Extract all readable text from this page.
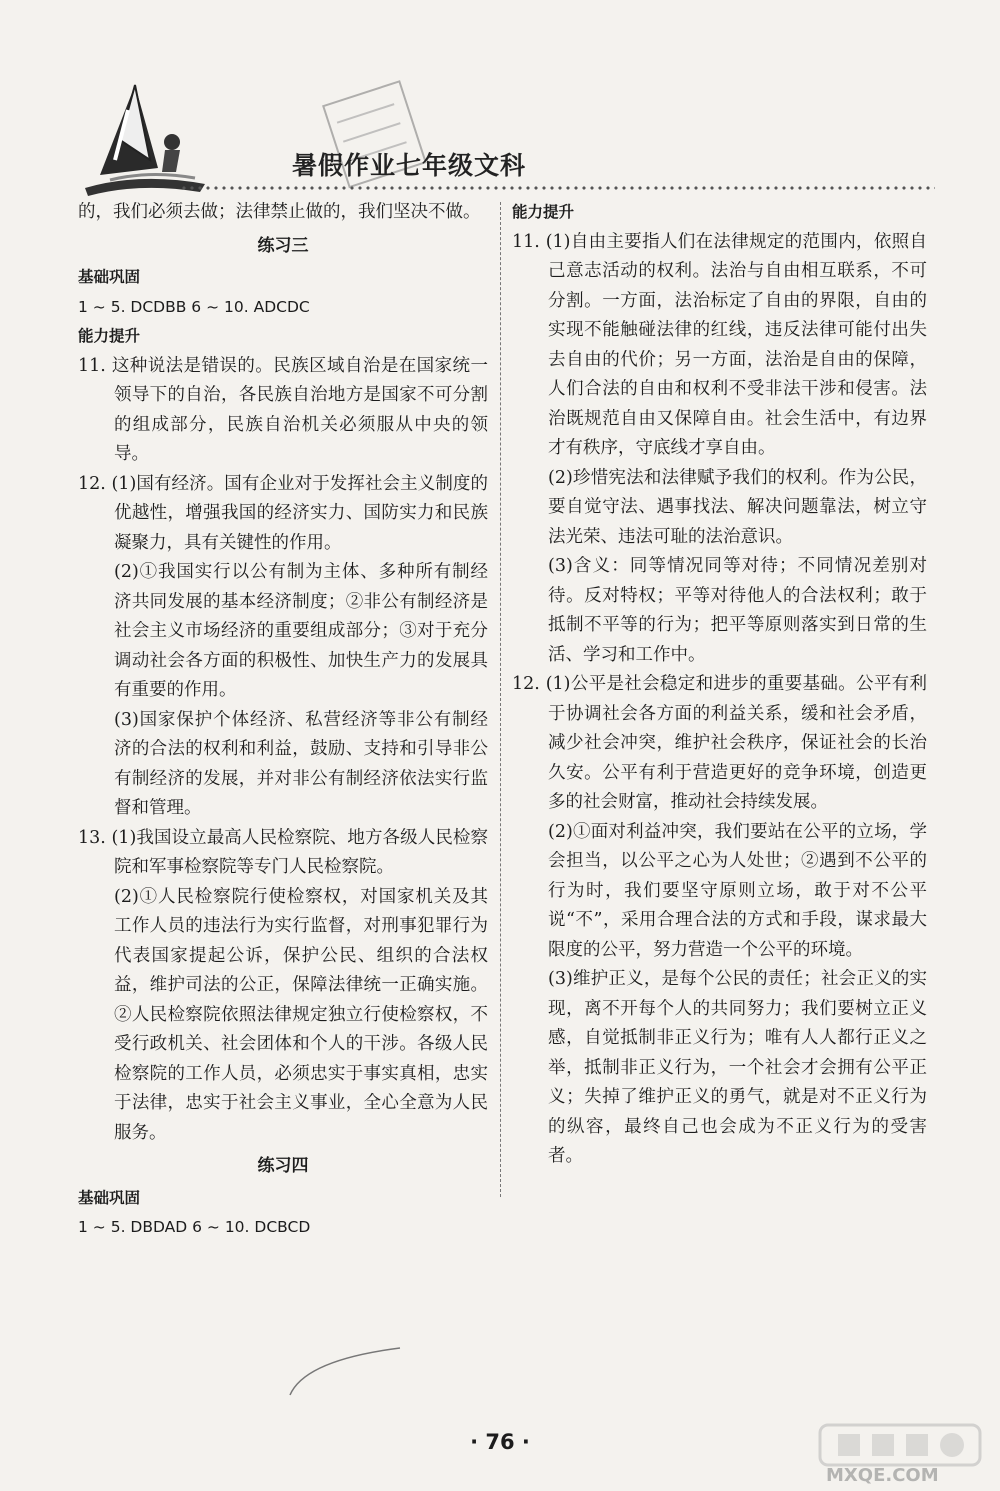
暑假作业七年级文科

的，我们必须去做；法律禁止做的，我们坚决不做。

练习三

基础巩固

1 ~ 5. DCDBB 6 ~ 10. ADCDC

能力提升

11. 这种说法是错误的。民族区域自治是在国家统一领导下的自治，各民族自治地方是国家不可分割的组成部分，民族自治机关必须服从中央的领导。

12. (1)国有经济。国有企业对于发挥社会主义制度的优越性，增强我国的经济实力、国防实力和民族凝聚力，具有关键性的作用。

(2)①我国实行以公有制为主体、多种所有制经济共同发展的基本经济制度；②非公有制经济是社会主义市场经济的重要组成部分；③对于充分调动社会各方面的积极性、加快生产力的发展具有重要的作用。

(3)国家保护个体经济、私营经济等非公有制经济的合法的权利和利益，鼓励、支持和引导非公有制经济的发展，并对非公有制经济依法实行监督和管理。

13. (1)我国设立最高人民检察院、地方各级人民检察院和军事检察院等专门人民检察院。

(2)①人民检察院行使检察权，对国家机关及其工作人员的违法行为实行监督，对刑事犯罪行为代表国家提起公诉，保护公民、组织的合法权益，维护司法的公正，保障法律统一正确实施。②人民检察院依照法律规定独立行使检察权，不受行政机关、社会团体和个人的干涉。各级人民检察院的工作人员，必须忠实于事实真相，忠实于法律，忠实于社会主义事业，全心全意为人民服务。

练习四

基础巩固

1 ~ 5. DBDAD 6 ~ 10. DCBCD

能力提升

11. (1)自由主要指人们在法律规定的范围内，依照自己意志活动的权利。法治与自由相互联系，不可分割。一方面，法治标定了自由的界限，自由的实现不能触碰法律的红线，违反法律可能付出失去自由的代价；另一方面，法治是自由的保障，人们合法的自由和权利不受非法干涉和侵害。法治既规范自由又保障自由。社会生活中，有边界才有秩序，守底线才享自由。

(2)珍惜宪法和法律赋予我们的权利。作为公民，要自觉守法、遇事找法、解决问题靠法，树立守法光荣、违法可耻的法治意识。

(3)含义：同等情况同等对待；不同情况差别对待。反对特权；平等对待他人的合法权利；敢于抵制不平等的行为；把平等原则落实到日常的生活、学习和工作中。

12. (1)公平是社会稳定和进步的重要基础。公平有利于协调社会各方面的利益关系，缓和社会矛盾，减少社会冲突，维护社会秩序，保证社会的长治久安。公平有利于营造更好的竞争环境，创造更多的社会财富，推动社会持续发展。

(2)①面对利益冲突，我们要站在公平的立场，学会担当，以公平之心为人处世；②遇到不公平的行为时，我们要坚守原则立场，敢于对不公平说“不”，采用合理合法的方式和手段，谋求最大限度的公平，努力营造一个公平的环境。

(3)维护正义，是每个公民的责任；社会正义的实现，离不开每个人的共同努力；我们要树立正义感，自觉抵制非正义行为；唯有人人都行正义之举，抵制非正义行为，一个社会才会拥有公平正义；失掉了维护正义的勇气，就是对不正义行为的纵容，最终自己也会成为不正义行为的受害者。

· 76 ·
MXQE.COM
